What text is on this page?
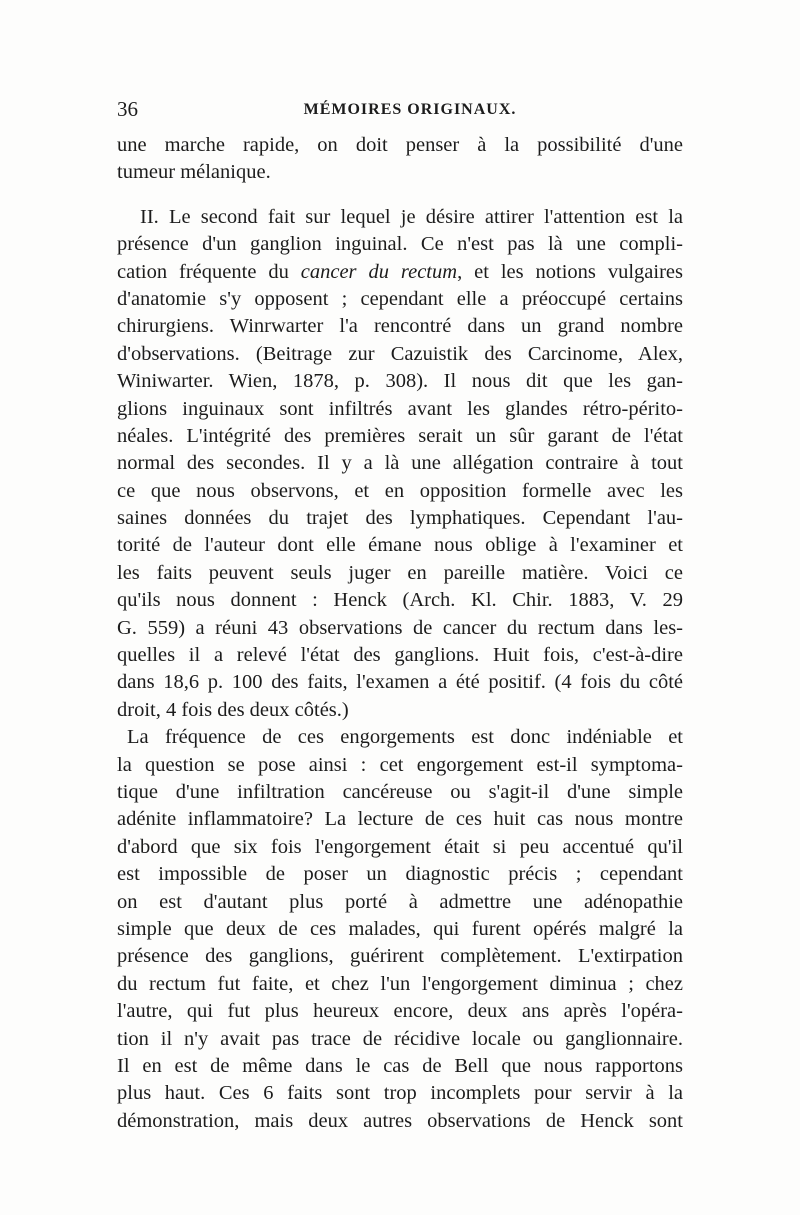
36	MÉMOIRES ORIGINAUX.
une marche rapide, on doit penser à la possibilité d'une
tumeur mélanique.
II. Le second fait sur lequel je désire attirer l'attention est la
présence d'un ganglion inguinal. Ce n'est pas là une compli-
cation fréquente du cancer du rectum, et les notions vulgaires
d'anatomie s'y opposent ; cependant elle a préoccupé certains
chirurgiens. Winrwarter l'a rencontré dans un grand nombre
d'observations. (Beitrage zur Cazuistik des Carcinome, Alex,
Winiwarter. Wien, 1878, p. 308). Il nous dit que les gan-
glions inguinaux sont infiltrés avant les glandes rétro-périto-
néales. L'intégrité des premières serait un sûr garant de l'état
normal des secondes. Il y a là une allégation contraire à tout
ce que nous observons, et en opposition formelle avec les
saines données du trajet des lymphatiques. Cependant l'au-
torité de l'auteur dont elle émane nous oblige à l'examiner et
les faits peuvent seuls juger en pareille matière. Voici ce
qu'ils nous donnent : Henck (Arch. Kl. Chir. 1883, V. 29
G. 559) a réuni 43 observations de cancer du rectum dans les-
quelles il a relevé l'état des ganglions. Huit fois, c'est-à-dire
dans 18,6 p. 100 des faits, l'examen a été positif. (4 fois du côté
droit, 4 fois des deux côtés.)
La fréquence de ces engorgements est donc indéniable et
la question se pose ainsi : cet engorgement est-il symptoma-
tique d'une infiltration cancéreuse ou s'agit-il d'une simple
adénite inflammatoire? La lecture de ces huit cas nous montre
d'abord que six fois l'engorgement était si peu accentué qu'il
est impossible de poser un diagnostic précis ; cependant
on est d'autant plus porté à admettre une adénopathie
simple que deux de ces malades, qui furent opérés malgré la
présence des ganglions, guérirent complètement. L'extirpation
du rectum fut faite, et chez l'un l'engorgement diminua ; chez
l'autre, qui fut plus heureux encore, deux ans après l'opéra-
tion il n'y avait pas trace de récidive locale ou ganglionnaire.
Il en est de même dans le cas de Bell que nous rapportons
plus haut. Ces 6 faits sont trop incomplets pour servir à la
démonstration, mais deux autres observations de Henck sont
